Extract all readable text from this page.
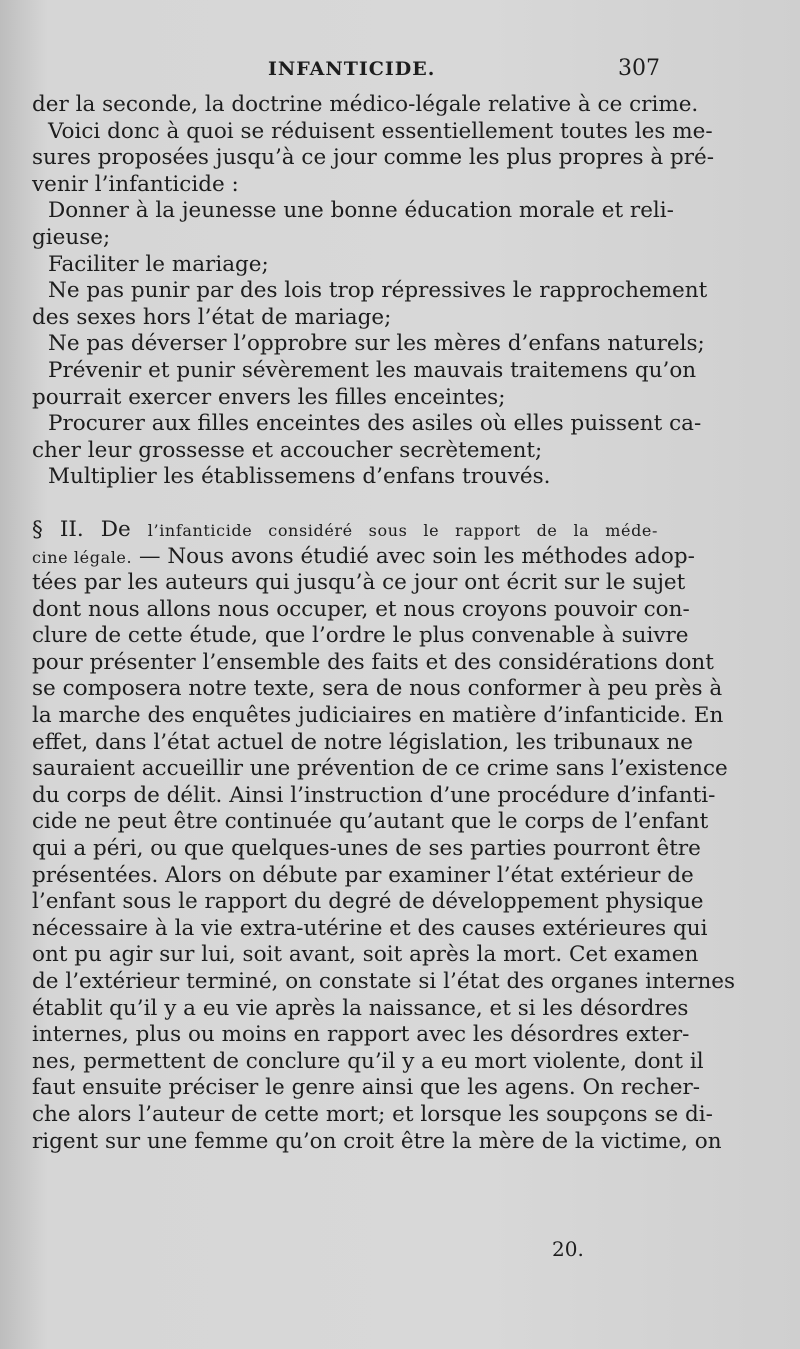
INFANTICIDE.	307
der la seconde, la doctrine médico-légale relative à ce crime.
Voici donc à quoi se réduisent essentiellement toutes les me-
sures proposées jusqu’à ce jour comme les plus propres à pré-
venir l’infanticide :
Donner à la jeunesse une bonne éducation morale et reli-
gieuse;
Faciliter le mariage;
Ne pas punir par des lois trop répressives le rapprochement
des sexes hors l’état de mariage;
Ne pas déverser l’opprobre sur les mères d’enfans naturels;
Prévenir et punir sévèrement les mauvais traitemens qu’on
pourrait exercer envers les filles enceintes;
Procurer aux filles enceintes des asiles où elles puissent ca-
cher leur grossesse et accoucher secrètement;
Multiplier les établissemens d’enfans trouvés.
§ II. De l’infanticide considéré sous le rapport de la méde-
cine légale. — Nous avons étudié avec soin les méthodes adop-
tées par les auteurs qui jusqu’à ce jour ont écrit sur le sujet
dont nous allons nous occuper, et nous croyons pouvoir con-
clure de cette étude, que l’ordre le plus convenable à suivre
pour présenter l’ensemble des faits et des considérations dont
se composera notre texte, sera de nous conformer à peu près à
la marche des enquêtes judiciaires en matière d’infanticide. En
effet, dans l’état actuel de notre législation, les tribunaux ne
sauraient accueillir une prévention de ce crime sans l’existence
du corps de délit. Ainsi l’instruction d’une procédure d’infanti-
cide ne peut être continuée qu’autant que le corps de l’enfant
qui a péri, ou que quelques-unes de ses parties pourront être
présentées. Alors on débute par examiner l’état extérieur de
l’enfant sous le rapport du degré de développement physique
nécessaire à la vie extra-utérine et des causes extérieures qui
ont pu agir sur lui, soit avant, soit après la mort. Cet examen
de l’extérieur terminé, on constate si l’état des organes internes
établit qu’il y a eu vie après la naissance, et si les désordres
internes, plus ou moins en rapport avec les désordres exter-
nes, permettent de conclure qu’il y a eu mort violente, dont il
faut ensuite préciser le genre ainsi que les agens. On recher-
che alors l’auteur de cette mort; et lorsque les soupçons se di-
rigent sur une femme qu’on croit être la mère de la victime, on
20.
